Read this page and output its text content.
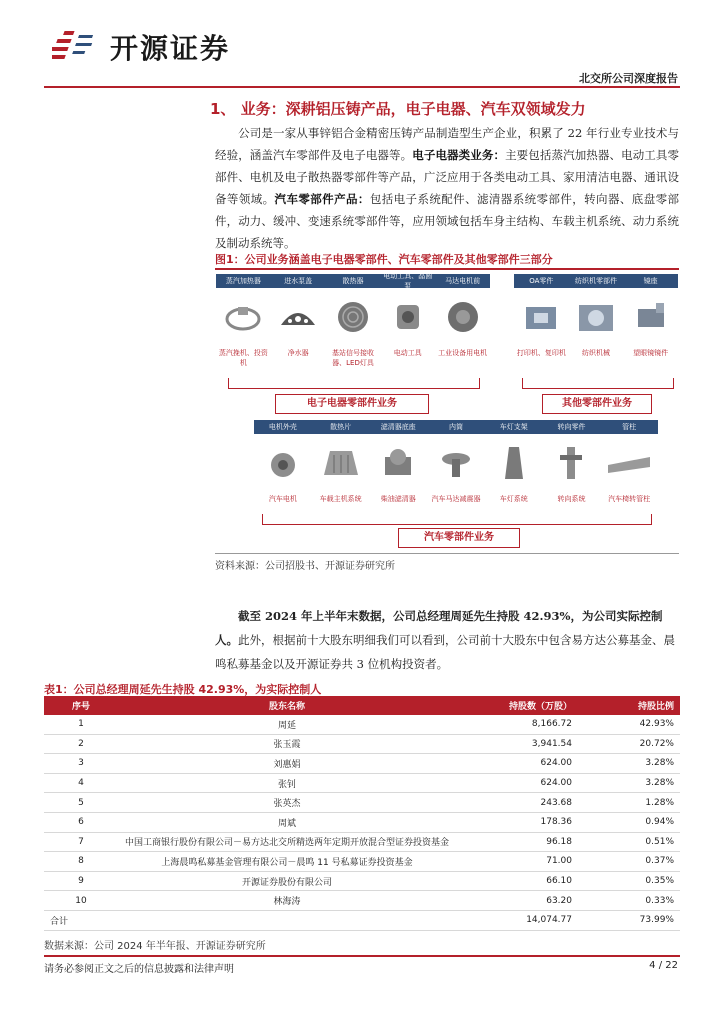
开源证券
北交所公司深度报告
1、 业务：深耕铝压铸产品，电子电器、汽车双领域发力
公司是一家从事锌铝合金精密压铸产品制造型生产企业，积累了 22 年行业专业技术与经验，涵盖汽车零部件及电子电器等。电子电器类业务：主要包括蒸汽加热器、电动工具零部件、电机及电子散热器零部件等产品，广泛应用于各类电动工具、家用清洁电器、通讯设备等领域。汽车零部件产品：包括电子系统配件、滤清器系统零部件，转向器、底盘零部件，动力、缓冲、变速系统零部件等，应用领域包括车身主结构、车载主机系统、动力系统及制动系统等。
图1：公司业务涵盖电子电器零部件、汽车零部件及其他零部件三部分
蒸汽加热器	进水泵盖	散热器
电动工具、晶圆泵
马达电机前
蒸汽挽机、投资机
净水器	基站信号接收器、LED灯具
电动工具	工业设备用电机
电子电器零部件业务
OA零件	纺织机零部件	镜座
打印机、复印机	纺织机械	望眼镜镜件
其他零部件业务
电机外壳	散热片	滤清器底座	内筒	车灯支架	转向零件	管柱
汽车电机	车载主机系统	柴油滤清器	汽车马达减震器	车灯系统	转向系统	汽车椅转管柱
汽车零部件业务
资料来源：公司招股书、开源证券研究所
截至 2024 年上半年末数据，公司总经理周延先生持股 42.93%，为公司实际控制人。此外，根据前十大股东明细我们可以看到，公司前十大股东中包含易方达公募基金、晨鸣私募基金以及开源证券共 3 位机构投资者。
表1：公司总经理周延先生持股 42.93%，为实际控制人
序号	股东名称	持股数（万股）	持股比例
1	周延	8,166.72	42.93%
2	张玉霞	3,941.54	20.72%
3	刘惠娟	624.00	3.28%
4	张钊	624.00	3.28%
5	张英杰	243.68	1.28%
6	周斌	178.36	0.94%
7	中国工商银行股份有限公司－易方达北交所精选两年定期开放混合型证券投资基金	96.18	0.51%
8	上海晨鸣私募基金管理有限公司－晨鸣 11 号私募证券投资基金	71.00	0.37%
9	开源证券股份有限公司	66.10	0.35%
10	林海涛	63.20	0.33%
合计		14,074.77	73.99%
数据来源：公司 2024 年半年报、开源证券研究所
请务必参阅正文之后的信息披露和法律声明	4 / 22
